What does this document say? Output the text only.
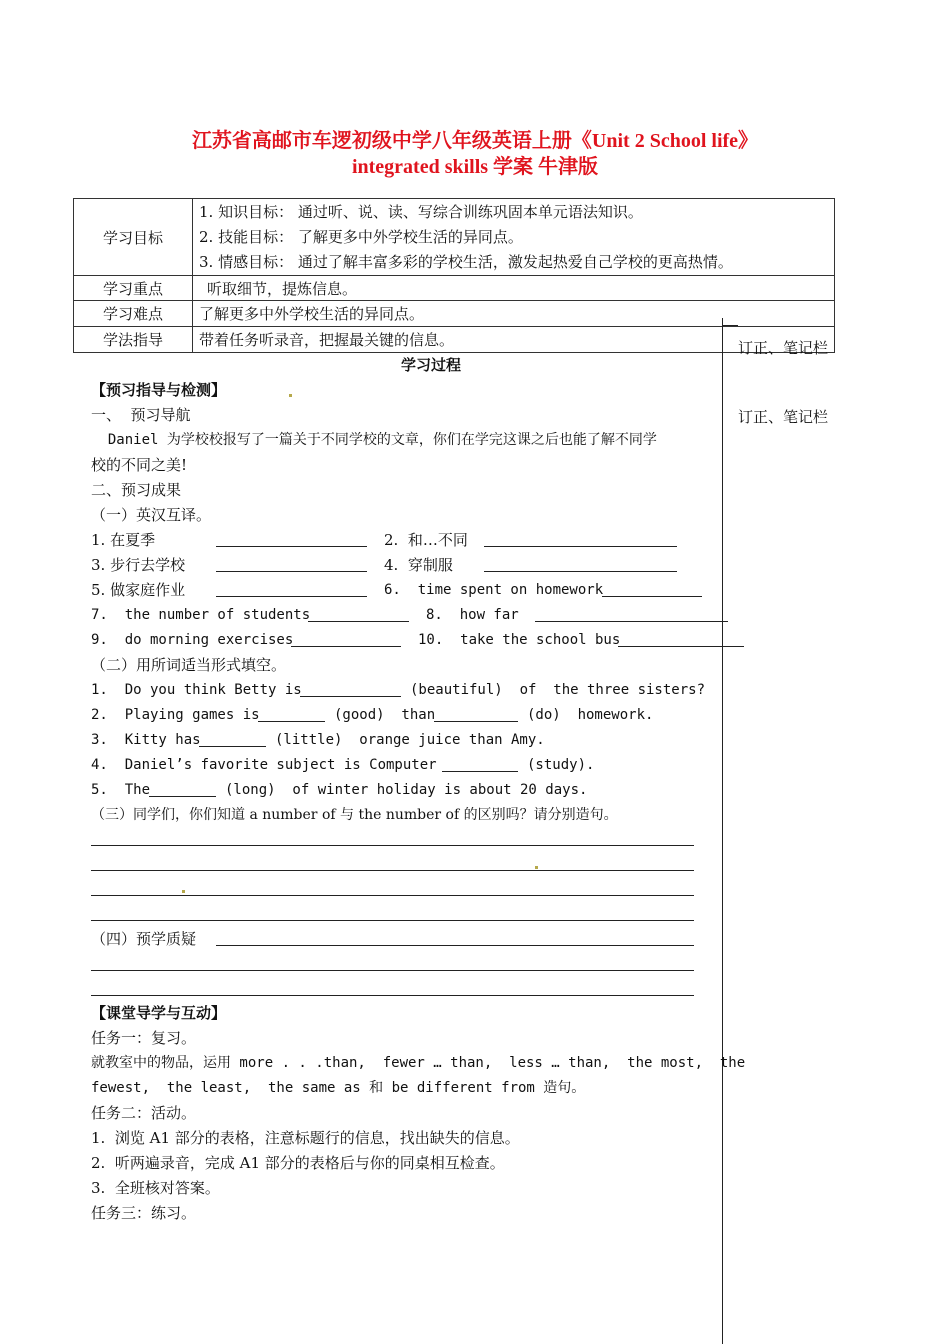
江苏省高邮市车逻初级中学八年级英语上册《Unit 2 School life》
integrated skills 学案 牛津版
学习目标	1. 知识目标： 通过听、说、读、写综合训练巩固本单元语法知识。
2. 技能目标： 了解更多中外学校生活的异同点。
3. 情感目标： 通过了解丰富多彩的学校生活，激发起热爱自己学校的更高热情。

学习重点	听取细节，提炼信息。
学习难点	了解更多中外学校生活的异同点。
学法指导	带着任务听录音，把握最关键的信息。	订正、笔记栏
订正、笔记栏
学习过程
【预习指导与检测】
一、  预习导航
Daniel 为学校校报写了一篇关于不同学校的文章，你们在学完这课之后也能了解不同学
校的不同之美!
二、预习成果
（一）英汉互译。
1. 在夏季	2.  和…不同
3. 步行去学校	4.  穿制服
5. 做家庭作业	6.  time spent on homework
7.  the number of students	8.  how far
9.  do morning exercises	10.  take the school bus
（二）用所词适当形式填空。
1.  Do you think Betty is	(beautiful)  of  the three sisters?
2.  Playing games is	(good)  than	(do)  homework.
3.  Kitty has	(little)  orange juice than Amy.
4.  Daniel’s favorite subject is Computer	(study).
5.  The	(long)  of winter holiday is about 20 days.
（三）同学们，你们知道 a number of 与 the number of 的区别吗？请分别造句。
（四）预学质疑
【课堂导学与互动】
任务一：复习。
就教室中的物品，运用 more . . .than,  fewer … than,  less … than,  the most,  the
fewest,  the least,  the same as 和 be different from 造句。
任务二：活动。
1.  浏览 A1 部分的表格，注意标题行的信息，找出缺失的信息。
2.  听两遍录音，完成 A1 部分的表格后与你的同桌相互检查。
3.  全班核对答案。
任务三：练习。
